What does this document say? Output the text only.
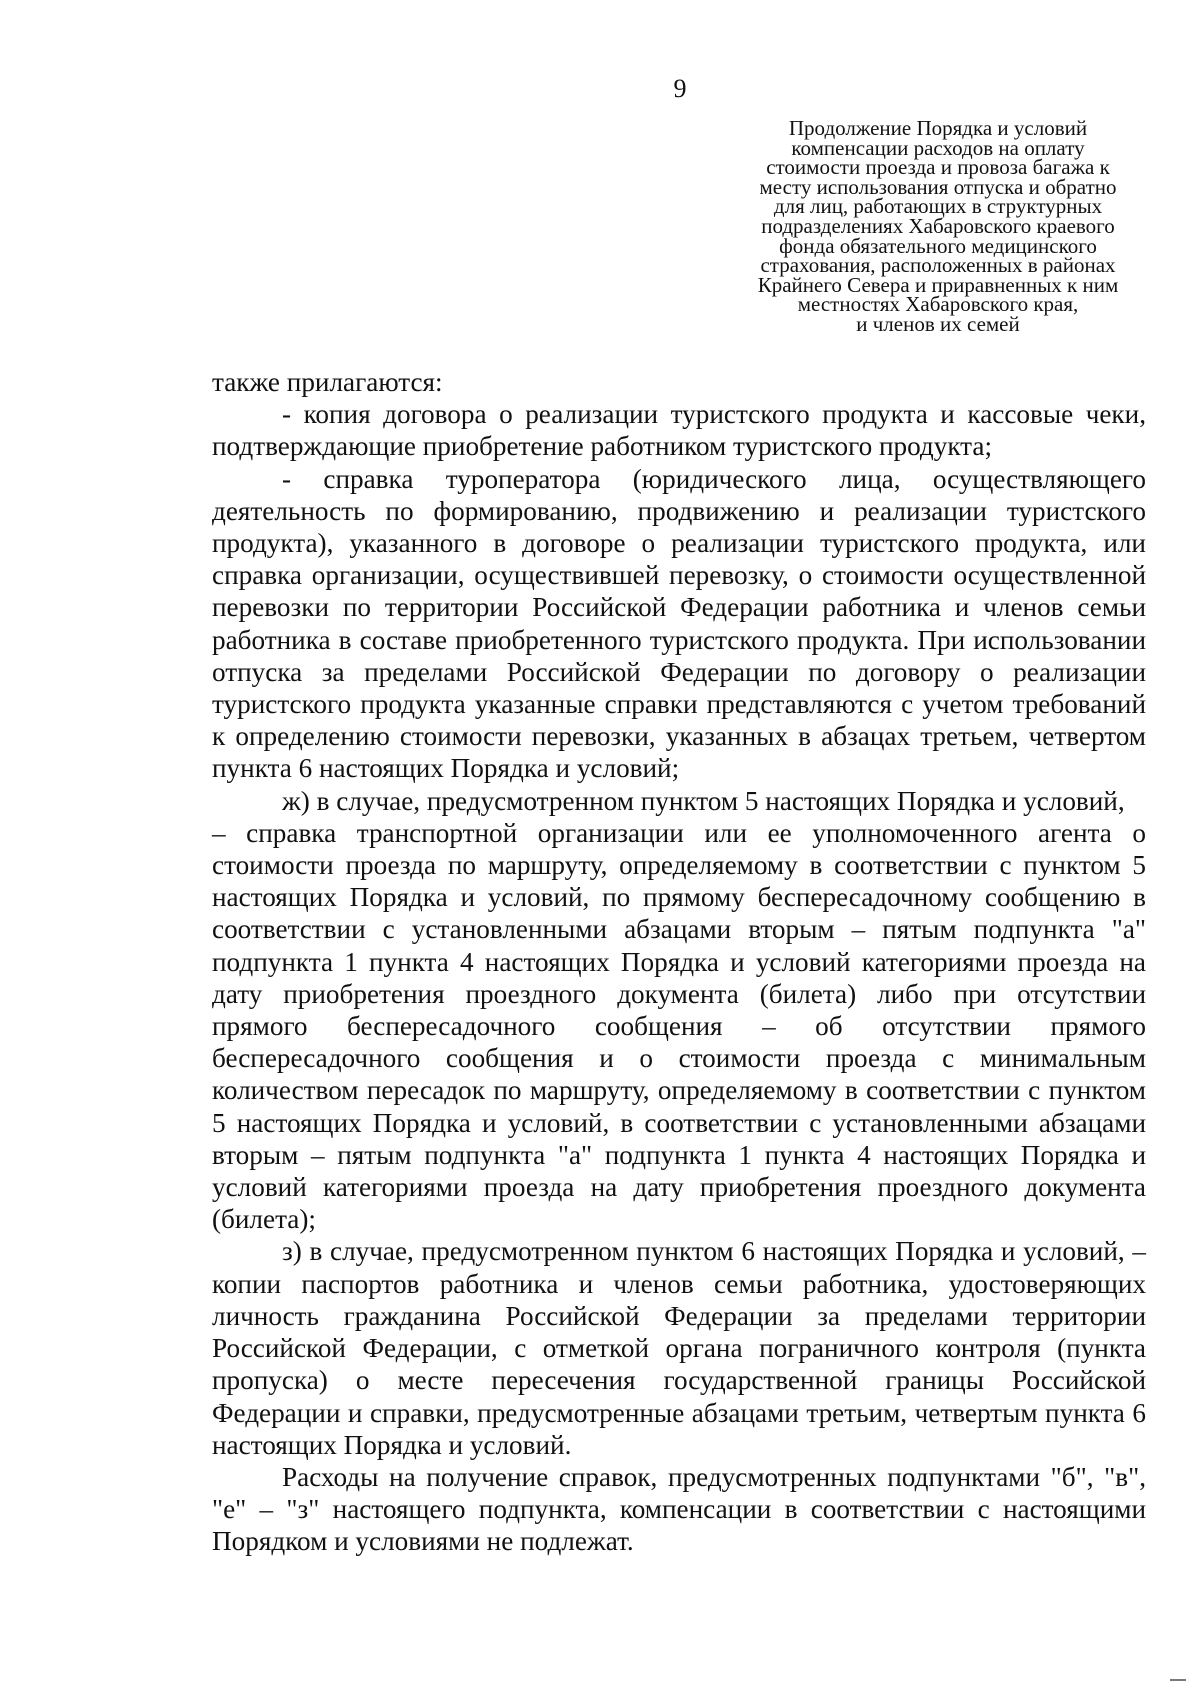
9
Продолжение Порядка и условий
компенсации расходов на оплату
стоимости проезда и провоза багажа к
месту использования отпуска и обратно
для лиц, работающих в структурных
подразделениях Хабаровского краевого
фонда обязательного медицинского
страхования, расположенных в районах
Крайнего Севера и приравненных к ним
местностях Хабаровского края,
и членов их семей

также прилагаются:

- копия договора о реализации туристского продукта и кассовые чеки, подтверждающие приобретение работником туристского продукта;

- справка туроператора (юридического лица, осуществляющего деятельность по формированию, продвижению и реализации туристского продукта), указанного в договоре о реализации туристского продукта, или справка организации, осуществившей перевозку, о стоимости осуществленной перевозки по территории Российской Федерации работника и членов семьи работника в составе приобретенного туристского продукта. При использовании отпуска за пределами Российской Федерации по договору о реализации туристского продукта указанные справки представляются с учетом требований к определению стоимости перевозки, указанных в абзацах третьем, четвертом пункта 6 настоящих Порядка и условий;

ж) в случае, предусмотренном пунктом 5 настоящих Порядка и условий,

– справка транспортной организации или ее уполномоченного агента о стоимости проезда по маршруту, определяемому в соответствии с пунктом 5 настоящих Порядка и условий, по прямому беспересадочному сообщению в соответствии с установленными абзацами вторым – пятым подпункта "а" подпункта 1 пункта 4 настоящих Порядка и условий категориями проезда на дату приобретения проездного документа (билета) либо при отсутствии прямого беспересадочного сообщения – об отсутствии прямого беспересадочного сообщения и о стоимости проезда с минимальным количеством пересадок по маршруту, определяемому в соответствии с пунктом 5 настоящих Порядка и условий, в соответствии с установленными абзацами вторым – пятым подпункта "а" подпункта 1 пункта 4 настоящих Порядка и условий категориями проезда на дату приобретения проездного документа (билета);

з) в случае, предусмотренном пунктом 6 настоящих Порядка и условий, – копии паспортов работника и членов семьи работника, удостоверяющих личность гражданина Российской Федерации за пределами территории Российской Федерации, с отметкой органа пограничного контроля (пункта пропуска) о месте пересечения государственной границы Российской Федерации и справки, предусмотренные абзацами третьим, четвертым пункта 6 настоящих Порядка и условий.

Расходы на получение справок, предусмотренных подпунктами "б", "в", "е" – "з" настоящего подпункта, компенсации в соответствии с настоящими Порядком и условиями не подлежат.
